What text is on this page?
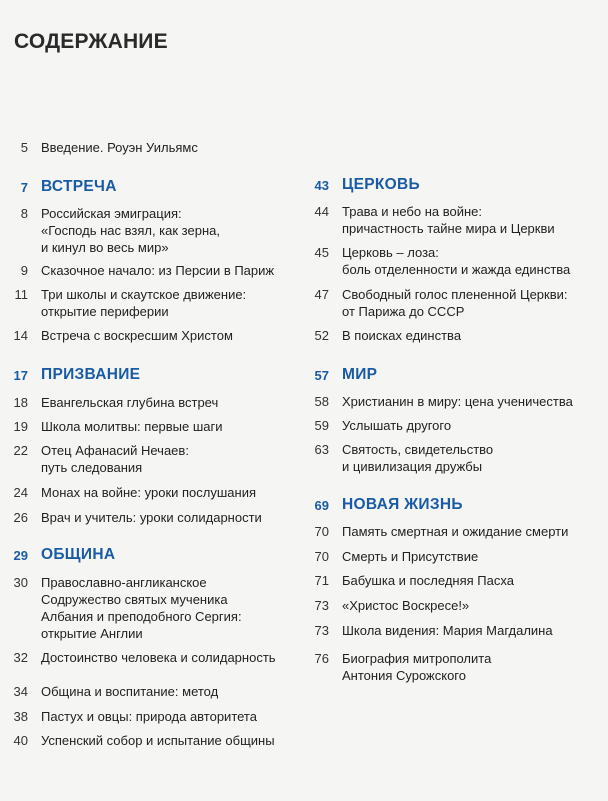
СОДЕРЖАНИЕ
5 Введение. Роуэн Уильямс
7 ВСТРЕЧА
8 Российская эмиграция:
«Господь нас взял, как зерна,
и кинул во весь мир»
9 Сказочное начало: из Персии в Париж
11 Три школы и скаутское движение:
открытие периферии
14 Встреча с воскресшим Христом
17 ПРИЗВАНИЕ
18 Евангельская глубина встреч
19 Школа молитвы: первые шаги
22 Отец Афанасий Нечаев:
путь следования
24 Монах на войне: уроки послушания
26 Врач и учитель: уроки солидарности
29 ОБЩИНА
30 Православно-англиканское
Содружество святых мученика
Албания и преподобного Сергия:
открытие Англии
32 Достоинство человека и солидарность
34 Община и воспитание: метод
38 Пастух и овцы: природа авторитета
40 Успенский собор и испытание общины
43 ЦЕРКОВЬ
44 Трава и небо на войне:
причастность тайне мира и Церкви
45 Церковь – лоза:
боль отделенности и жажда единства
47 Свободный голос плененной Церкви:
от Парижа до СССР
52 В поисках единства
57 МИР
58 Христианин в миру: цена ученичества
59 Услышать другого
63 Святость, свидетельство
и цивилизация дружбы
69 НОВАЯ ЖИЗНЬ
70 Память смертная и ожидание смерти
70 Смерть и Присутствие
71 Бабушка и последняя Пасха
73 «Христос Воскресе!»
73 Школа видения: Мария Магдалина
76 Биография митрополита
Антония Сурожского
